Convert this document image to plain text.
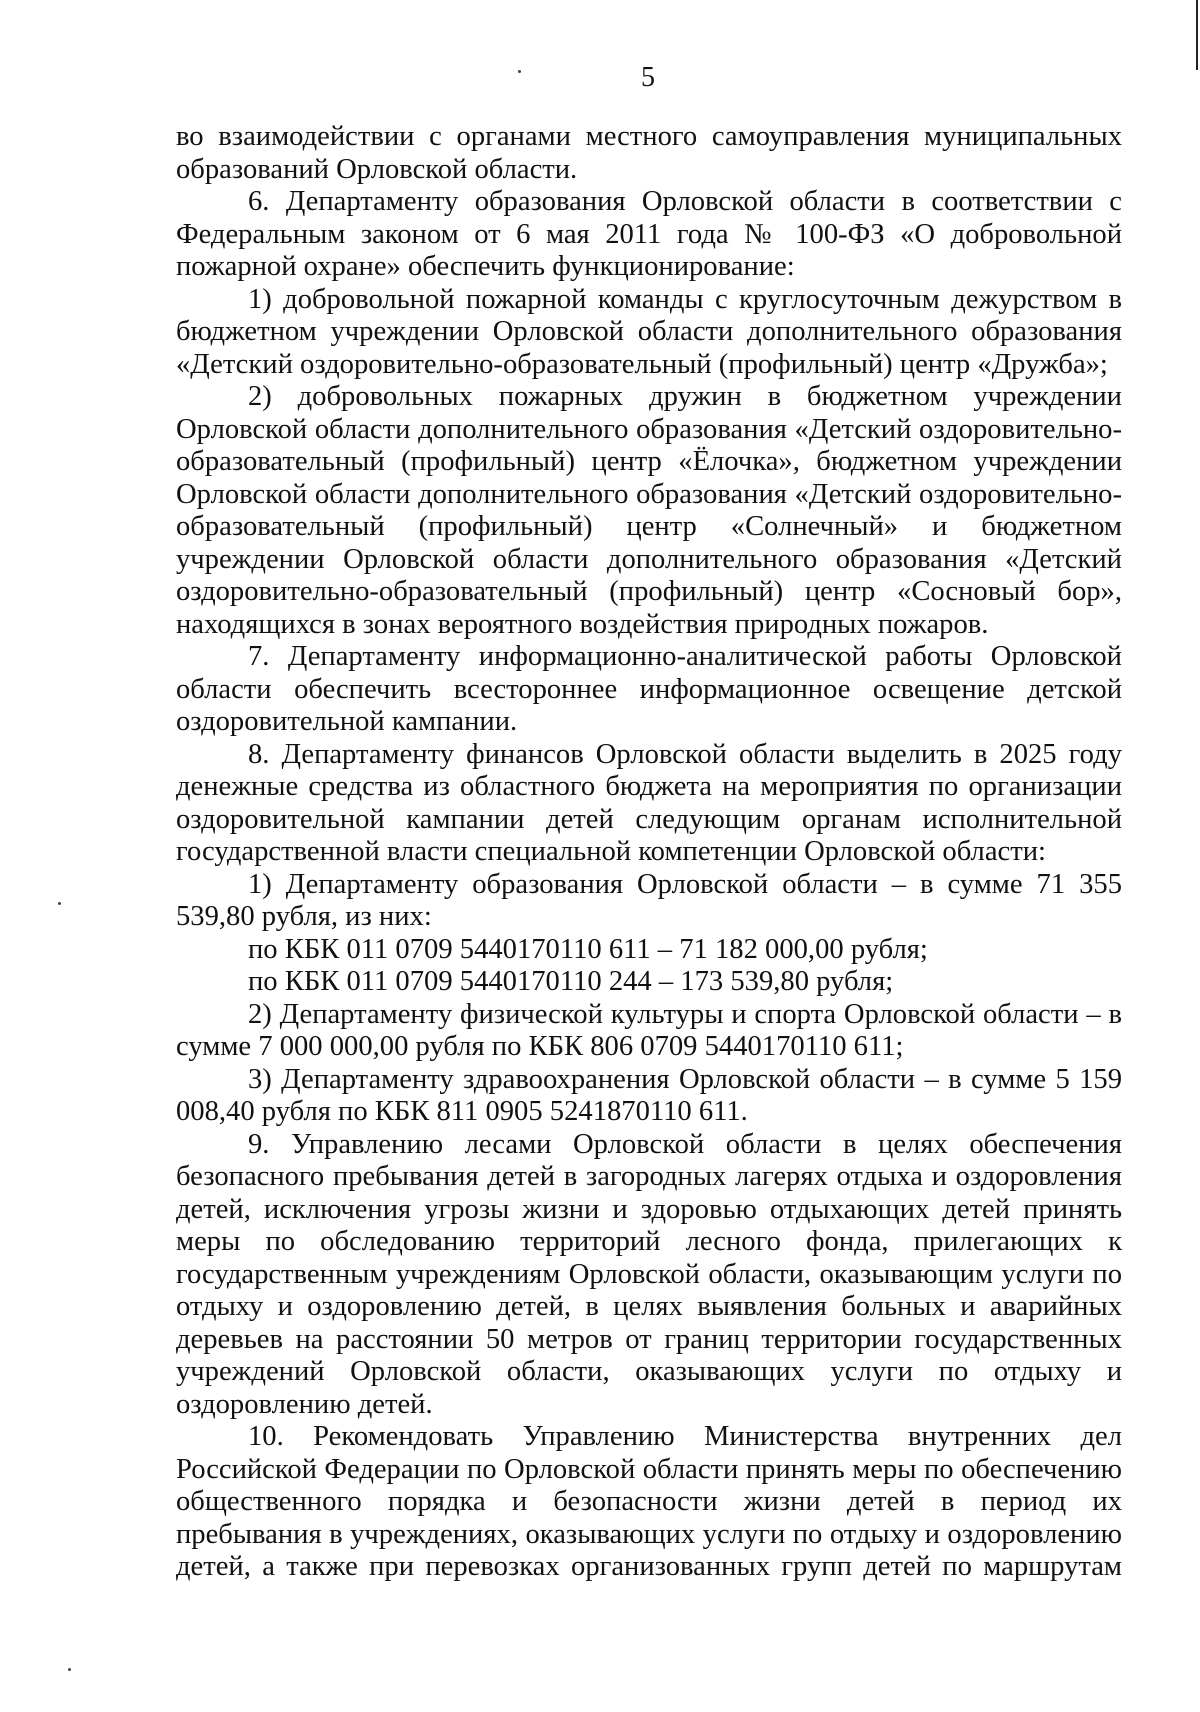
5

во взаимодействии с органами местного самоуправления муниципальных образований Орловской области.

6. Департаменту образования Орловской области в соответствии с Федеральным законом от 6 мая 2011 года № 100-ФЗ «О добровольной пожарной охране» обеспечить функционирование:

1) добровольной пожарной команды с круглосуточным дежурством в бюджетном учреждении Орловской области дополнительного образования «Детский оздоровительно-образовательный (профильный) центр «Дружба»;

2) добровольных пожарных дружин в бюджетном учреждении Орловской области дополнительного образования «Детский оздоровительно-образовательный (профильный) центр «Ёлочка», бюджетном учреждении Орловской области дополнительного образования «Детский оздоровительно-образовательный (профильный) центр «Солнечный» и бюджетном учреждении Орловской области дополнительного образования «Детский оздоровительно-образовательный (профильный) центр «Сосновый бор», находящихся в зонах вероятного воздействия природных пожаров.

7. Департаменту информационно-аналитической работы Орловской области обеспечить всестороннее информационное освещение детской оздоровительной кампании.

8. Департаменту финансов Орловской области выделить в 2025 году денежные средства из областного бюджета на мероприятия по организации оздоровительной кампании детей следующим органам исполнительной государственной власти специальной компетенции Орловской области:

1) Департаменту образования Орловской области – в сумме 71 355 539,80 рубля, из них:

по КБК 011 0709 5440170110 611 – 71 182 000,00 рубля;

по КБК 011 0709 5440170110 244 – 173 539,80 рубля;

2) Департаменту физической культуры и спорта Орловской области – в сумме 7 000 000,00 рубля по КБК 806 0709 5440170110 611;

3) Департаменту здравоохранения Орловской области – в сумме 5 159 008,40 рубля по КБК 811 0905 5241870110 611.

9. Управлению лесами Орловской области в целях обеспечения безопасного пребывания детей в загородных лагерях отдыха и оздоровления детей, исключения угрозы жизни и здоровью отдыхающих детей принять меры по обследованию территорий лесного фонда, прилегающих к государственным учреждениям Орловской области, оказывающим услуги по отдыху и оздоровлению детей, в целях выявления больных и аварийных деревьев на расстоянии 50 метров от границ территории государственных учреждений Орловской области, оказывающих услуги по отдыху и оздоровлению детей.

10. Рекомендовать Управлению Министерства внутренних дел Российской Федерации по Орловской области принять меры по обеспечению общественного порядка и безопасности жизни детей в период их пребывания в учреждениях, оказывающих услуги по отдыху и оздоровлению детей, а также при перевозках организованных групп детей по маршрутам
